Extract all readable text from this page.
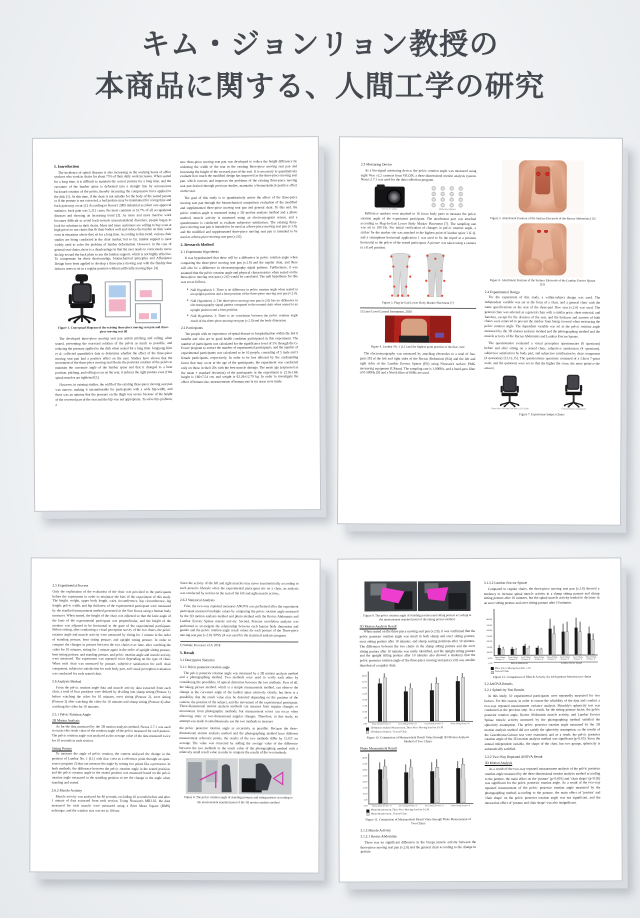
キム・ジョンリョン教授の
本商品に関する、人間工学の研究
1. Introduction

The incidence of spinal diseases is also increasing as the working hours of office workers who work in chairs for about 75% of their daily work increases. When seated for a long time, it is difficult to maintain the correct posture for a long time, and the curvature of the lumbar spine is deformed into a straight line by unconscious backward rotation of the pelvis, thereby increasing the compressive force applied to the disk [1]. At this time, if the chair is not suitable for the body of the seated person or if the posture is not corrected, a bad posture may be maintained for a long time and back pain may occur [2]. According to Korea's 2009 industrial accident care approval statistics, back pain was 5,212 cases, the most common at 53.7% of all occupational diseases and showing an increasing trend [3]. As more and more inactive work becomes difficult to avoid back-to-back musculoskeletal disorders, people began to look for solutions in their chairs. More and more customers are willing to buy even at high prices to use chairs that fit their bodies well and reduce the burden on their waist even in situations where they sit for a long time. According to this trend, various chair studies are being conducted in the chair market, but so far, lumbar support is most widely used to solve the problem of lumbar deformation. However, in the case of general seat chairs, there is a disadvantage in that the user needs to consciously move his hip toward the back plate to use the lumbar support, which is not highly effective. To compensate for these shortcomings, biomechanical principles and Affordance Design have been applied to develop a three-piece moving seat with the fluidity that induces users to sit in a regular position without artificially moving hips. [4]

Figure 1. Conceptual diagram of the existing three-piece moving seat pan and three-piece moving seat [4]

The developed three-piece moving seat pan assists pitching and rolling when seated, preventing the rearward rotation of the pelvis as much as possible, and reducing the pressure applied to the disk when seated for a long time. Jungyong Kim et al. collected quantitative data to determine whether the effect of the three-piece moving seat pan had a positive effect on the user. Studies have shown that the movement of the three-piece moving seat blocks the posterior rotation of the pelvis to maintain the curvature angle of the lumbar spine and that it changed to a bent position, pitching, and rolling occur on the seat, it induces the right posture even if the spinal muscles are tightened [5].

However, in existing studies, the width of the existing three-piece moving seat pan was narrow, making it uncomfortable for participants with a wide hip-width, and there was an opinion that the pressure on the thigh was severe because of the height of the recessed part of the seat and the hip was not appropriate. To solve this problem, a

new three-piece moving seat pan was developed to reduce the height difference by widening the width of the seat in the existing three-piece moving seat pan and increasing the height of the recessed part of the seat. It is necessary to quantitatively evaluate how much the modified design has improved as the three-piece moving seat pan, which corrects and improves the problems of the existing three-piece moving seat pan desired through previous studies, maintains a biomechanical positive effect on the seat.

The goal of this study is to quantitatively assess the effect of the three-piece moving seat pan through the biomechanical comparison evaluation of the modified and supplemented three-piece moving seat pan and general chair. To this end, the pelvic rotation angle is measured using a 3D motion analysis method and a photo method, muscle activity is measured using an electromyogram sensor, and a questionnaire is conducted to evaluate subjective satisfaction. The existing three-piece moving seat pan is intended to be used as a three-piece moving seat pan (v.1.0), and the modified and supplemented three-piece moving seat pan is intended to be used as a three-piece moving seat pan (v.2.0).

2. Research Method
2.1 Experiment Hypothesis

It was hypothesized that there will be a difference in pelvic rotation angle when comparing the three-piece moving seat pan (v.2.0) and the regular chair, and there will also be a difference in electromyography signal patterns. Furthermore, it was assumed that the pelvic rotation angle and physical characteristics when seated on the three-piece moving seat pan (v.2.0) would be correlated. The null hypothesis for this was set as follows.

● Null Hypothesis 1: There is no difference in pelvic rotation angle when seated in an upright position and a bent position of the three-piece moving seat pan (v.2.0).
● Null Hypothesis 2: The three-piece moving seat pan (v.2.0) has no difference in electromyography signal pattern compared to the normal chair when seated in an upright position and a bent position.
● Null Hypothesis 3: There is no correlation between the pelvic rotation angle result of the three-piece moving seat pan (v.2.0) and the body dimension.
2.2 Participants

Ten people with no experience of spinal disease or hospitalization within the last 6 months and who are in good health condition participated in this experiment. The number of participants was calculated for the significance level of 5% through the G-Power program to extract the number of experimental participants, and the number of experimental participants was calculated to be 10 people, consisting of 5 male and 5 female participants, respectively. In order to be less affected by the confounding factor that may occur at the age of the participants, the experiment was conducted only on those in their 20s with the best muscle damage. The mean age (expressed as the mean ± standard deviation) of the participants in the experiment is 23.9±1.66, height is 166±7.54 cm, and weight is 62.26±12.79 kg. In order to investigate the effect of human size, measurements of human size in six areas were made.

2.3 Measuring Device

As a bio-signal measuring device, the pelvic rotation angle was measured using eight Vero v2.2 cameras from VICON, a three-dimensional motion analysis system. Nexus 2.7.1 was used for the data collection program.

Vero v2.2 Camera	Reflective Markers

Reflective markers were attached to 16 lower body parts to measure the pelvic rotation angle of the experiment participant. The attachment part was attached according to Plug-In-Gait Lower Body Marker Placement [7]. The sampling rate was set to 100 Hz. For initial verification of changes in pelvic rotation angle, a sticker for the marker site was attached to the highest point of lumbar spine 1 (L1), and a smartphone horizontal application 1 was used to fix the tripod at a position horizontal to the pelvis of the seated participant. A picture was taken using a camera in a fixed position.

Figure 3. Plug-in-Gait Lower Body Marker Placement [7]
1) Laser Level Control Instrument, 2020
Figure 4. Lumbar No. 1 (L1) and the highest point position of the iliac crest

The electromyography was measured by attaching electrodes to a total of four parts [8] of the left and right sides of the Rectus Abdominis (RA) and the left and right sides of the Lumbar Erector Spinae (ES) using Noraxon's surface EMG measuring equipment (Ultium). The sampling rate is 1,000Hz, and a band-pass filter of 0-500Hz [9] and a Notch filter of 60Hz are used.

Figure 5. Attachment Position of the Surface Electrode of the Rectus Abdominis [15]
Figure 6. Attachment Position of the Surface Electrode of the Lumbar Erector Spinae [15]
2.4 Experimental Design

For the experiment of this study, a within-subject design was used. The independent variable was set in the form of a chair, and a general chair with the same specifications as the seat of the three-part flow seat (v.2.0) was used. The general chair was selected as a general chair with a similar price, sheet material, and function, except for the division of the seat, and the backrest and armrest of both chairs were removed to prevent the marker from being covered when measuring the pelvic rotation angle. The dependent variable was set as the pelvic rotation angle measured by the 3D motion analysis method and the photographing method and the muscle activity of the Rectus Abdominis and Lumbar Erector Spinae.

The questionnaire evaluated a visual perception questionnaire (6 questions) before and after sitting on a seated chair, subjective satisfaction (4 questions), subjective satisfaction by body part, and subjective satisfaction by chair component (4 questions) [13,12,15]. The questionnaire questions consisted of a Likert 7-point scale, and the questions were set so that the higher the score, the more positive the answer.

Three-Piece Moving Seat Pan (v.2.0) Chair	General Chair (comparison)
Figure 7. Experiment Subject Chairs
2.5 Experimental Process

Only the explanation of the evaluation of the chair was provided to the participants before the experiment in order to minimize the bias of the experiment of this study. The height, weight, upper body length, waist circumference, hip circumference, leg length, pelvic width, and hip thickness of the experimental participant were measured by the standard measurement method presented in the Size Korea using a human body measurer. When seated, the height of the chair was adjusted so that the knee angle of the knee of the experimental participant was perpendicular, and the height of the monitor was adjusted to be horizontal to the gaze of the experimental participant. Before resting, after conducting a visual perception survey of the two chairs, the pelvic rotation angle and muscle activity were measured by sitting for 1 minute in the order of standing posture, bent sitting posture, and upright sitting posture. In order to compare the changes in posture between the two chairs over time, after watching the video for 10 minutes, sitting for 1 minute again in the order of upright sitting posture, bent sitting posture, and standing posture, and pelvic rotation angle and muscle activity were measured. The experiment was repeated twice depending on the type of chair. When each chair was measured by posture, subjective satisfaction for each chair component, subjective satisfaction for each body part, and visual perception evaluation was conducted for each seated chair.

2.6 Analysis Method

From the pelvic rotation angle data and muscle activity data extracted from each chair, a total of four positions were defined by dividing into slump sitting (Posture 1) before watching the video for 10 minutes, erect sitting (Posture 2), erect sitting (Posture 3) after watching the video for 10 minutes and slump sitting (Posture 4) after watching the video for 10 minutes.

2.5.1 Pelvic Rotation Angle
3D Motion Analysis

As for the data measured by the 3D motion analysis method, Nexus 2.7.1 was used to extract the result value of the rotation angle of the pelvis measured for each posture. The pelvic rotation angle was analyzed as the average value of the data measured twice for 10 seconds in each section.

Sitting Posture

To measure the angle of pelvic rotation, the camera analyzed the change in the position of Lumbar No. 1 (L1) with iliac crest as a reference point through an open-source program 2) that can measure the angle by setting two points like a protractor. In both methods, the difference between the pelvic rotation angle in the seated position, and the pelvic rotation angle in the seated position was measured based on the pelvic rotation angle measured in the standing position to see the change in the angle when standing and seated.

2.6.2 Muscle Activity

Muscle activity was analyzed for 40 seconds, excluding 10 seconds before and after 1 minute of data extracted from each section. Using Noraxon's MR3.16, the data measured for each muscle were measured using a Root Mean Square (RMS) technique, and the window size was set to 100 ms.

Since the activity of the left and right muscles may move asymmetrically according to each person's lifestyle when the experimental participant sits on a chair, an analysis was conducted by section on the sum of the left and right muscle activity.

2.6.3 Statistical Analysis

First, the two-way repeated measures ANOVA was performed after the experiment participant measured multiple values by comparing the pelvic rotation angle measured by the 3D motion analysis method and photo method with the Rectus Abdominis and Lumbar Erector Spinae muscle activity. Second, Pearson correlation analysis was performed to investigate the relationship between each human body dimension and gender and the pelvic rotation angle result values for each posture of the Three-piece moving seat pan (v.2.0). SPSS 24 was used for the statistical analysis program.

1) Sample Processor v2.0, 2018
3. Result
3.1 Descriptive Statistics
3.1.1 Pelvic posterior rotation angle

The pelvic posterior rotation angle was measured by a 3D motion analysis method and a photographing method. Two methods were used to verify each other by considering the possibility of optical distortion between the two methods. First of all, the taking picture method, which is a simple measurement method, can observe the change in the curvature angle of the lumbar spine relatively closely, but there is a possibility that the result value may be distorted depending on the position of the camera, the position of the subject, and the movement of the experimental participant. Three-dimensional motion analysis methods can measure finer angular changes or movements from photographic methods, but measurement errors can occur when observing static or two-dimensional angular changes. Therefore, in this study, an attempt was made to simultaneously use the two methods to measure

the pelvic posterior rotation angle as accurately as possible. Because the three-dimensional motion analysis method and the photographing method have different measurement reference points, the results of the two methods differ by 15.03° on average. The value was corrected by adding the average value of the difference between the two methods to the result value of the photographing method with a relatively small result value in order to compare the results of the two methods.

Figure 8. The pelvic rotation angle of standing postures and sitting posture according to the measurement standard point of the 3D motion analysis method
Figure 9. The pelvic rotation angle of standing position and sitting posture according to the measurement standard point of the taking picture method.
3D Motion Analysis Result

When seated on the three-piece moving seat pan (v.2.0), it was confirmed that the pelvic posterior rotation angle was small in both slump and erect sitting posture, erect sitting posture after 10 minutes, and slump seating positions after 10 minutes. The difference between the two chairs in the slump sitting posture and the erect sitting posture after 10 minutes was easily identified, and the upright sitting posture and the upright sitting posture after 10 minutes also showed a tendency that the pelvic posterior rotation angle of the three-piece moving seat pan (v.2.0) was smaller than that of a regular chair.

40.00
35.00
30.00
25.00
20.00
15.00
10.00
5.00
0.00	Slump Sitting (Posture 1)	Erect Sitting (Posture 2)	Erect Sitting (Posture 3)	Slump Sitting (Posture 4)
3D Motion Analysis Measurement_Three-Piece Moving Seat Pan (>2.0)
3D Motion Analysis_ General Chair
Figure 10. Comparison of Measurement Result Value through 3D Motion Analysis Method of Two Chairs
Photo Measurement Result
40.00
35.00
30.00
25.00
20.00
15.00
10.00
5.00
0.00	Slump Sitting (Posture 1)	Erect Sitting (Posture 2)	Erect Sitting (Posture 3)	Slump Sitting (Posture 4)
Photo Measurement_Three-Piece Moving Seat Pan (>2.0)
Photo Measurement_ General Chair
Figure 11. Comparison of Measurement Result Value through Photo Measurement of Two Chairs
3.1.2 Muscle Activity
3.1.2.1 Rectus Abdominis

There was no significant difference in the biceps muscle activity between the three-piece moving seat pan (v.2.0) and the general chair according to the change in gesture.

3.1.2.2 Lumbar Erector Spinae

Compared to regular chairs, the three-piece moving seat pan (v.2.0) showed a tendency to increase spinal muscle activity in a slump sitting posture and slump sitting posture after 10 minutes, but the spinal muscle activity tended to decrease in an erect sitting posture and erect sitting posture after 10 minutes.

400.00
350.00
300.00
250.00
200.00
150.00
100.00
50.00
0.00
Slump Sitting (Posture 1)
Erect Sitting (Posture 2)
Erect Sitting (Posture 3)
Slump Sitting (Posture 4)
Slump Sitting (Posture 1)
Erect Sitting (Posture 2)
Erect Sitting (Posture 3)
Slump Sitting (Posture 4)
Rectus Abdominis	Lumbar Erector Spinae
Three-Piece Moving Seat Pan < 2.0
General Chair
Figure 12. Comparison of Muscle Activity for each posture between two chairs
3.2 ANOVA Results
3.2.1 Sphericity Test Results

In this study, 10 experimental participants were repeatedly measured for two factors. For this reason, in order to ensure the reliability of the data and conduct a two-way repeated measurement variance analysis, Mauchly's sphericity test was conducted as the previous step. As a result, for the sitting posture factor, the pelvic posterior rotation angle, Rectus Abdominis muscle activity, and Lumbar Erector Spinae muscle activity measured by the photographing method satisfied the sphericity assumption. The pelvic posterior rotation angle measured by the 3D motion analysis method did not satisfy the sphericity assumption, so the results of the Greenhouse-Geisser test were examined, and as a result, the pelvic posterior rotation angle of the 3D motion analysis method was significant (p<0.05). Since the annual independent variable, the shape of the chair, has two groups, sphericity is automatically satisfied.

3.2.2 Two-Way Repeated ANOVA Result
3D Motion Analysis

As a result of the two-way repeated measurement analysis of the pelvic posterior rotation angle measured by the three-dimensional motion analysis method according to the posture, the main effect on the 'posture' (p<0.001) and 'chair shape' (p<0.05) was significant for the pelvic posterior rotation angle. As a result of the two-way repeated measurement of the pelvic posterior rotation angle measured by the photographing method according to the posture, the main effect of 'posture' and 'chair shape' on the pelvic posterior rotation angle was not significant, and the interaction effect of 'posture and chair shape' was also insignificant.
